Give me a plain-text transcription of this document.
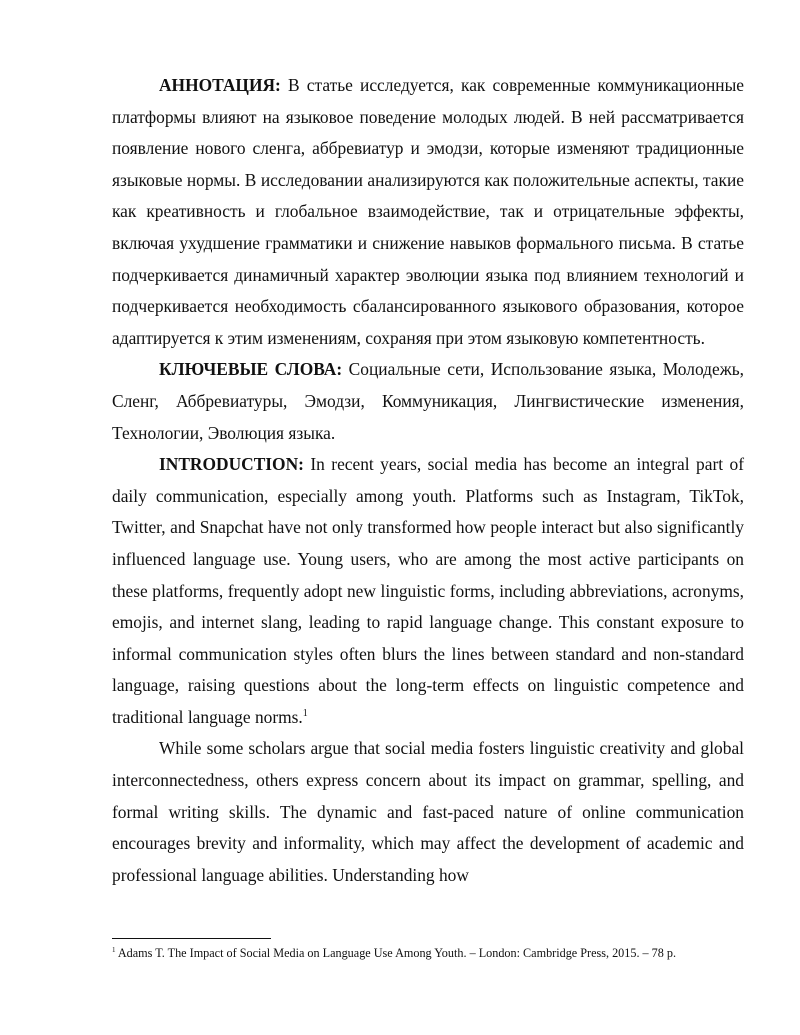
АННОТАЦИЯ: В статье исследуется, как современные коммуникационные платформы влияют на языковое поведение молодых людей. В ней рассматривается появление нового сленга, аббревиатур и эмодзи, которые изменяют традиционные языковые нормы. В исследовании анализируются как положительные аспекты, такие как креативность и глобальное взаимодействие, так и отрицательные эффекты, включая ухудшение грамматики и снижение навыков формального письма. В статье подчеркивается динамичный характер эволюции языка под влиянием технологий и подчеркивается необходимость сбалансированного языкового образования, которое адаптируется к этим изменениям, сохраняя при этом языковую компетентность.

КЛЮЧЕВЫЕ СЛОВА: Социальные сети, Использование языка, Молодежь, Сленг, Аббревиатуры, Эмодзи, Коммуникация, Лингвистические изменения, Технологии, Эволюция языка.

INTRODUCTION: In recent years, social media has become an integral part of daily communication, especially among youth. Platforms such as Instagram, TikTok, Twitter, and Snapchat have not only transformed how people interact but also significantly influenced language use. Young users, who are among the most active participants on these platforms, frequently adopt new linguistic forms, including abbreviations, acronyms, emojis, and internet slang, leading to rapid language change. This constant exposure to informal communication styles often blurs the lines between standard and non-standard language, raising questions about the long-term effects on linguistic competence and traditional language norms.$^1$

While some scholars argue that social media fosters linguistic creativity and global interconnectedness, others express concern about its impact on grammar, spelling, and formal writing skills. The dynamic and fast-paced nature of online communication encourages brevity and informality, which may affect the development of academic and professional language abilities. Understanding how

$^1$ Adams T. The Impact of Social Media on Language Use Among Youth. – London: Cambridge Press, 2015. – 78 p.
